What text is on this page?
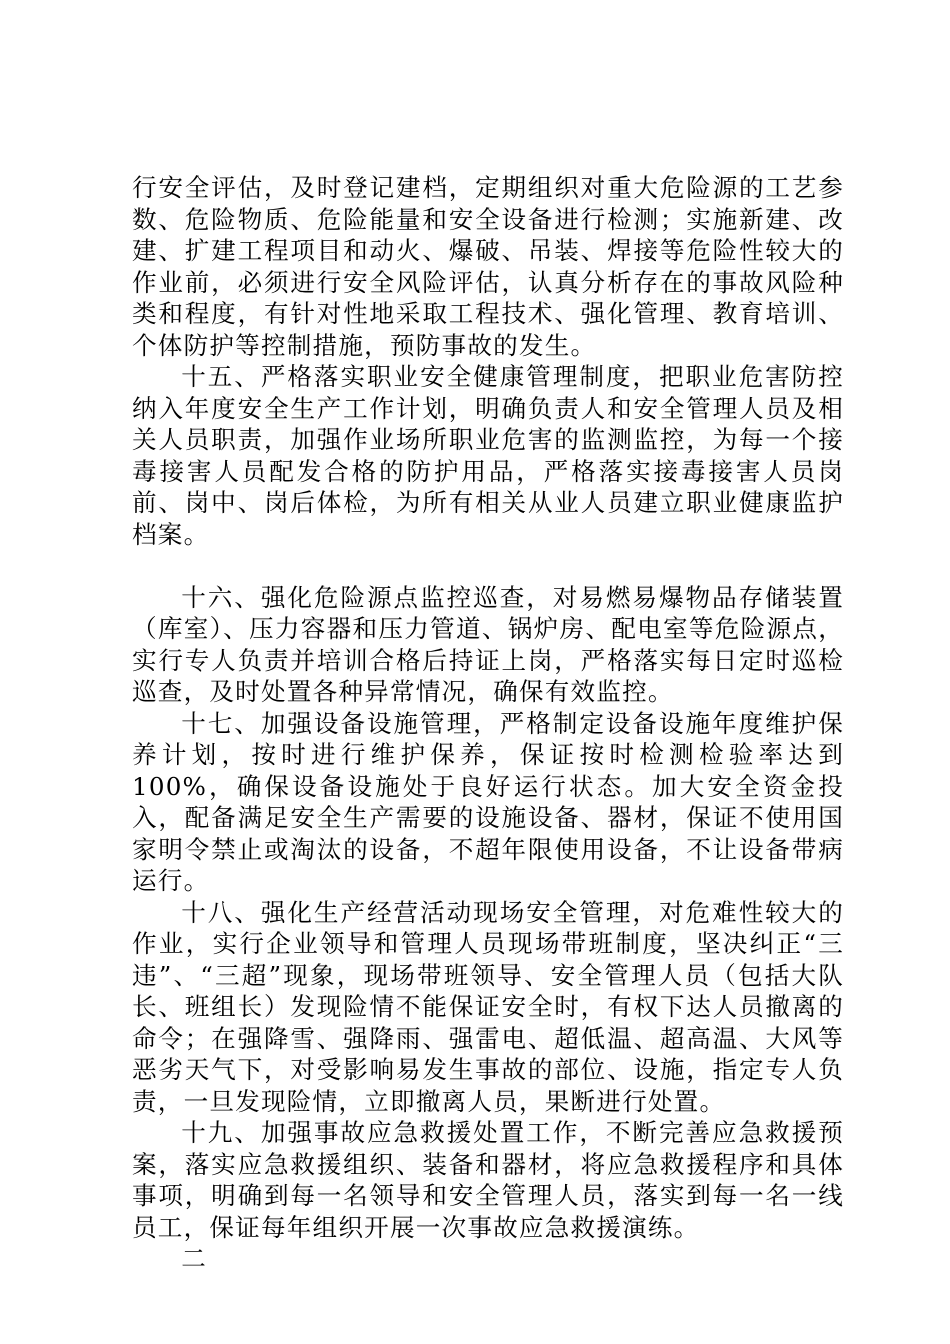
行安全评估，及时登记建档，定期组织对重大危险源的工艺参数、危险物质、危险能量和安全设备进行检测；实施新建、改建、扩建工程项目和动火、爆破、吊装、焊接等危险性较大的作业前，必须进行安全风险评估，认真分析存在的事故风险种类和程度，有针对性地采取工程技术、强化管理、教育培训、个体防护等控制措施，预防事故的发生。

十五、严格落实职业安全健康管理制度，把职业危害防控纳入年度安全生产工作计划，明确负责人和安全管理人员及相关人员职责，加强作业场所职业危害的监测监控，为每一个接毒接害人员配发合格的防护用品，严格落实接毒接害人员岗前、岗中、岗后体检，为所有相关从业人员建立职业健康监护档案。

十六、强化危险源点监控巡查，对易燃易爆物品存储装置（库室）、压力容器和压力管道、锅炉房、配电室等危险源点，实行专人负责并培训合格后持证上岗，严格落实每日定时巡检巡查，及时处置各种异常情况，确保有效监控。

十七、加强设备设施管理，严格制定设备设施年度维护保养计划，按时进行维护保养，保证按时检测检验率达到100%，确保设备设施处于良好运行状态。加大安全资金投入，配备满足安全生产需要的设施设备、器材，保证不使用国家明令禁止或淘汰的设备，不超年限使用设备，不让设备带病运行。

十八、强化生产经营活动现场安全管理，对危难性较大的作业，实行企业领导和管理人员现场带班制度，坚决纠正“三违”、“三超”现象，现场带班领导、安全管理人员（包括大队长、班组长）发现险情不能保证安全时，有权下达人员撤离的命令；在强降雪、强降雨、强雷电、超低温、超高温、大风等恶劣天气下，对受影响易发生事故的部位、设施，指定专人负责，一旦发现险情，立即撤离人员，果断进行处置。

十九、加强事故应急救援处置工作，不断完善应急救援预案，落实应急救援组织、装备和器材，将应急救援程序和具体事项，明确到每一名领导和安全管理人员，落实到每一名一线员工，保证每年组织开展一次事故应急救援演练。

二
